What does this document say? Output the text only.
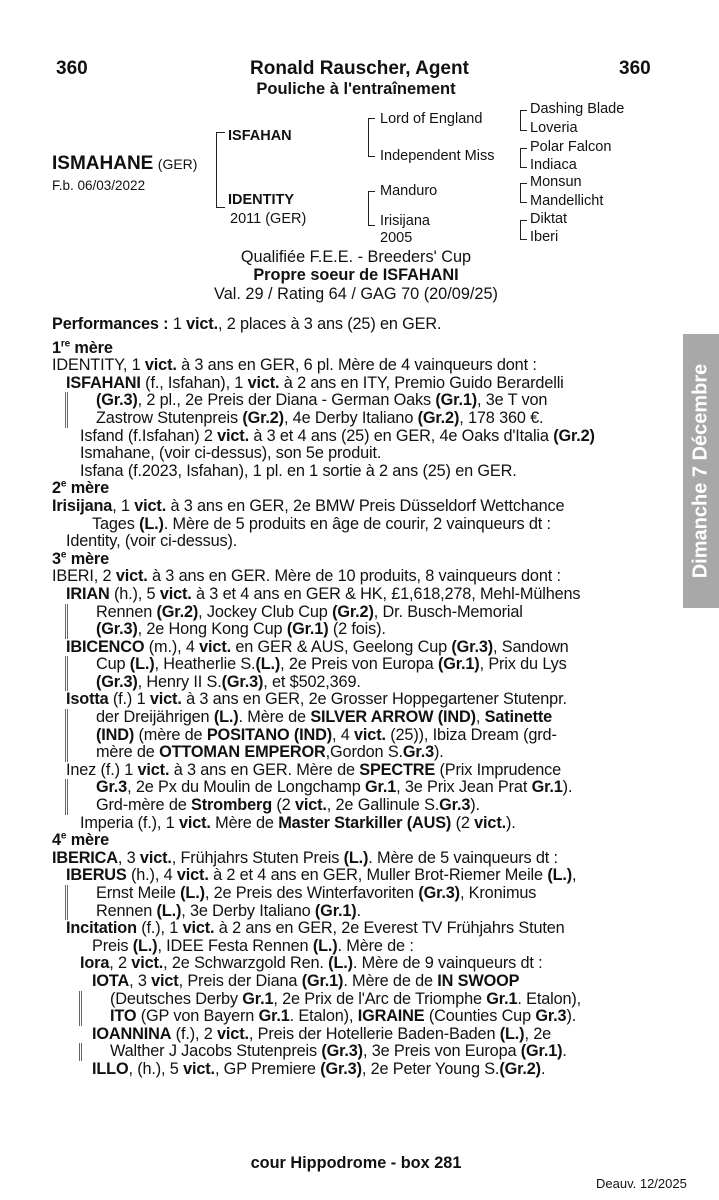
360	Ronald Rauscher, Agent	360
Pouliche à l'entraînement
ISMAHANE (GER)
F.b. 06/03/2022
ISFAHAN
IDENTITY
2011 (GER)
Lord of England
Independent Miss
Manduro
Irisijana
2005
Dashing Blade
Loveria
Polar Falcon
Indiaca
Monsun
Mandellicht
Diktat
Iberi
Qualifiée F.E.E. - Breeders' Cup
Propre soeur de ISFAHANI
Val. 29 / Rating 64 / GAG 70 (20/09/25)
Dimanche 7 Décembre
Performances : 1 vict., 2 places à 3 ans (25) en GER.
1re mère
IDENTITY, 1 vict. à 3 ans en GER, 6 pl. Mère de 4 vainqueurs dont :
ISFAHANI (f., Isfahan), 1 vict. à 2 ans en ITY, Premio Guido Berardelli
(Gr.3), 2 pl., 2e Preis der Diana - German Oaks (Gr.1), 3e T von
Zastrow Stutenpreis (Gr.2), 4e Derby Italiano (Gr.2), 178 360 €.
Isfand (f.Isfahan) 2 vict. à 3 et 4 ans (25) en GER, 4e Oaks d'Italia (Gr.2)
Ismahane, (voir ci-dessus), son 5e produit.
Isfana (f.2023, Isfahan), 1 pl. en 1 sortie à 2 ans (25) en GER.
2e mère
Irisijana, 1 vict. à 3 ans en GER, 2e BMW Preis Düsseldorf Wettchance
Tages (L.). Mère de 5 produits en âge de courir, 2 vainqueurs dt :
Identity, (voir ci-dessus).
3e mère
IBERI, 2 vict. à 3 ans en GER. Mère de 10 produits, 8 vainqueurs dont :
IRIAN (h.), 5 vict. à 3 et 4 ans en GER & HK, £1,618,278, Mehl-Mülhens
Rennen (Gr.2), Jockey Club Cup (Gr.2), Dr. Busch-Memorial
(Gr.3), 2e Hong Kong Cup (Gr.1) (2 fois).
IBICENCO (m.), 4 vict. en GER & AUS, Geelong Cup (Gr.3), Sandown
Cup (L.), Heatherlie S.(L.), 2e Preis von Europa (Gr.1), Prix du Lys
(Gr.3), Henry II S.(Gr.3), et $502,369.
Isotta (f.) 1 vict. à 3 ans en GER, 2e Grosser Hoppegartener Stutenpr.
der Dreijährigen (L.). Mère de SILVER ARROW (IND), Satinette
(IND) (mère de POSITANO (IND), 4 vict. (25)), Ibiza Dream (grd-
mère de OTTOMAN EMPEROR,Gordon S.Gr.3).
Inez (f.) 1 vict. à 3 ans en GER. Mère de SPECTRE (Prix Imprudence
Gr.3, 2e Px du Moulin de Longchamp Gr.1, 3e Prix Jean Prat Gr.1).
Grd-mère de Stromberg (2 vict., 2e Gallinule S.Gr.3).
Imperia (f.), 1 vict. Mère de Master Starkiller (AUS) (2 vict.).
4e mère
IBERICA, 3 vict., Frühjahrs Stuten Preis (L.). Mère de 5 vainqueurs dt :
IBERUS (h.), 4 vict. à 2 et 4 ans en GER, Muller Brot-Riemer Meile (L.),
Ernst Meile (L.), 2e Preis des Winterfavoriten (Gr.3), Kronimus
Rennen (L.), 3e Derby Italiano (Gr.1).
Incitation (f.), 1 vict. à 2 ans en GER, 2e Everest TV Frühjahrs Stuten
Preis (L.), IDEE Festa Rennen (L.). Mère de :
Iora, 2 vict., 2e Schwarzgold Ren. (L.). Mère de 9 vainqueurs dt :
IOTA, 3 vict, Preis der Diana (Gr.1). Mère de de IN SWOOP
(Deutsches Derby Gr.1, 2e Prix de l'Arc de Triomphe Gr.1. Etalon),
ITO (GP von Bayern Gr.1. Etalon), IGRAINE (Counties Cup Gr.3).
IOANNINA (f.), 2 vict., Preis der Hotellerie Baden-Baden (L.), 2e
Walther J Jacobs Stutenpreis (Gr.3), 3e Preis von Europa (Gr.1).
ILLO, (h.), 5 vict., GP Premiere (Gr.3), 2e Peter Young S.(Gr.2).
cour Hippodrome - box 281
Deauv. 12/2025
